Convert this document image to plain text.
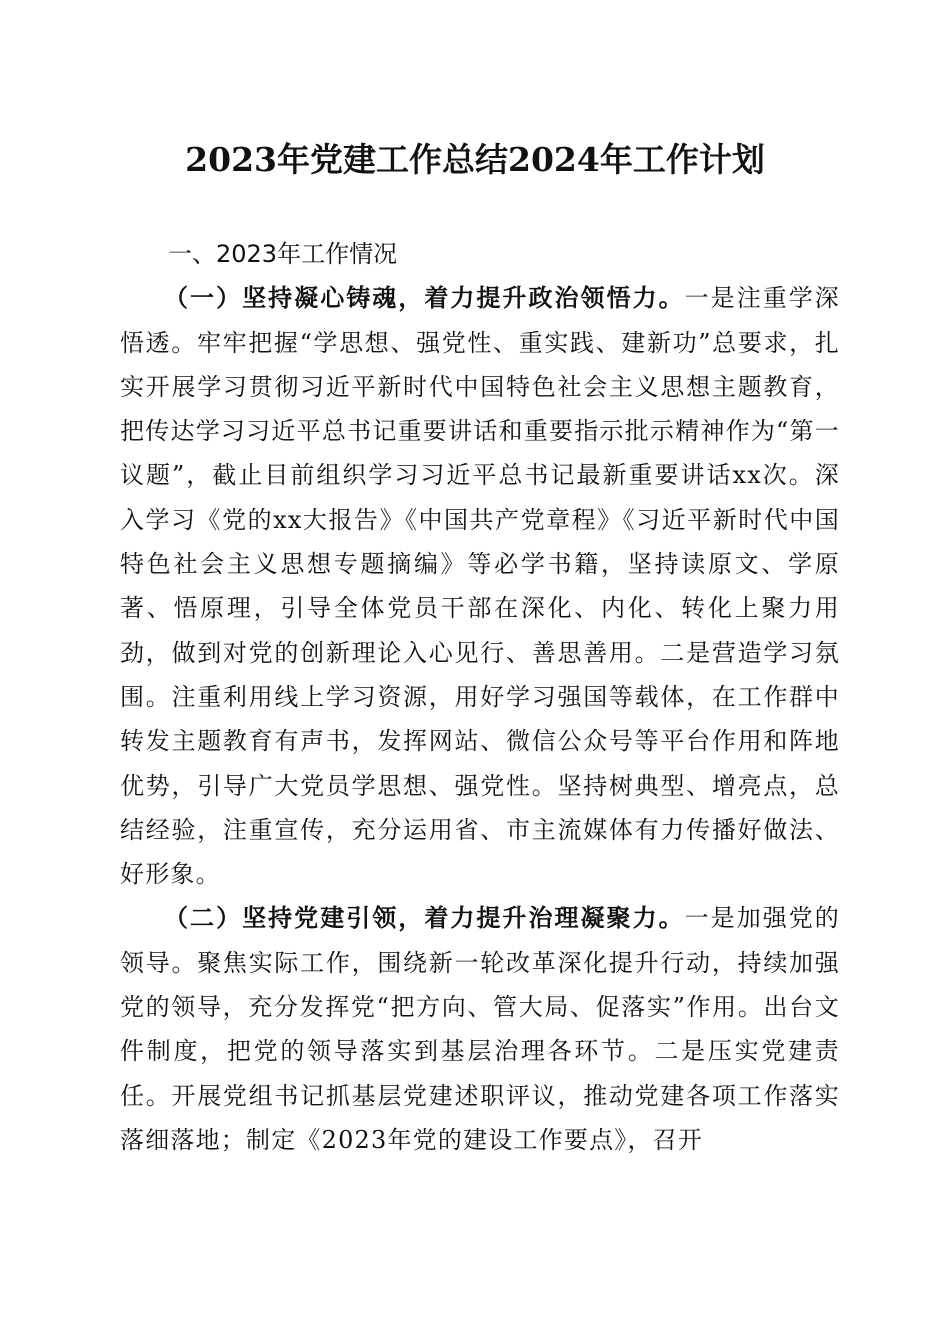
2023年党建工作总结2024年工作计划

一、2023年工作情况

（一）坚持凝心铸魂，着力提升政治领悟力。一是注重学深悟透。牢牢把握“学思想、强党性、重实践、建新功”总要求，扎实开展学习贯彻习近平新时代中国特色社会主义思想主题教育，把传达学习习近平总书记重要讲话和重要指示批示精神作为“第一议题”，截止目前组织学习习近平总书记最新重要讲话xx次。深入学习《党的xx大报告》《中国共产党章程》《习近平新时代中国特色社会主义思想专题摘编》等必学书籍，坚持读原文、学原著、悟原理，引导全体党员干部在深化、内化、转化上聚力用劲，做到对党的创新理论入心见行、善思善用。二是营造学习氛围。注重利用线上学习资源，用好学习强国等载体，在工作群中转发主题教育有声书，发挥网站、微信公众号等平台作用和阵地优势，引导广大党员学思想、强党性。坚持树典型、增亮点，总结经验，注重宣传，充分运用省、市主流媒体有力传播好做法、好形象。

（二）坚持党建引领，着力提升治理凝聚力。一是加强党的领导。聚焦实际工作，围绕新一轮改革深化提升行动，持续加强党的领导，充分发挥党“把方向、管大局、促落实”作用。出台文件制度，把党的领导落实到基层治理各环节。二是压实党建责任。开展党组书记抓基层党建述职评议，推动党建各项工作落实落细落地；制定《2023年党的建设工作要点》，召开
